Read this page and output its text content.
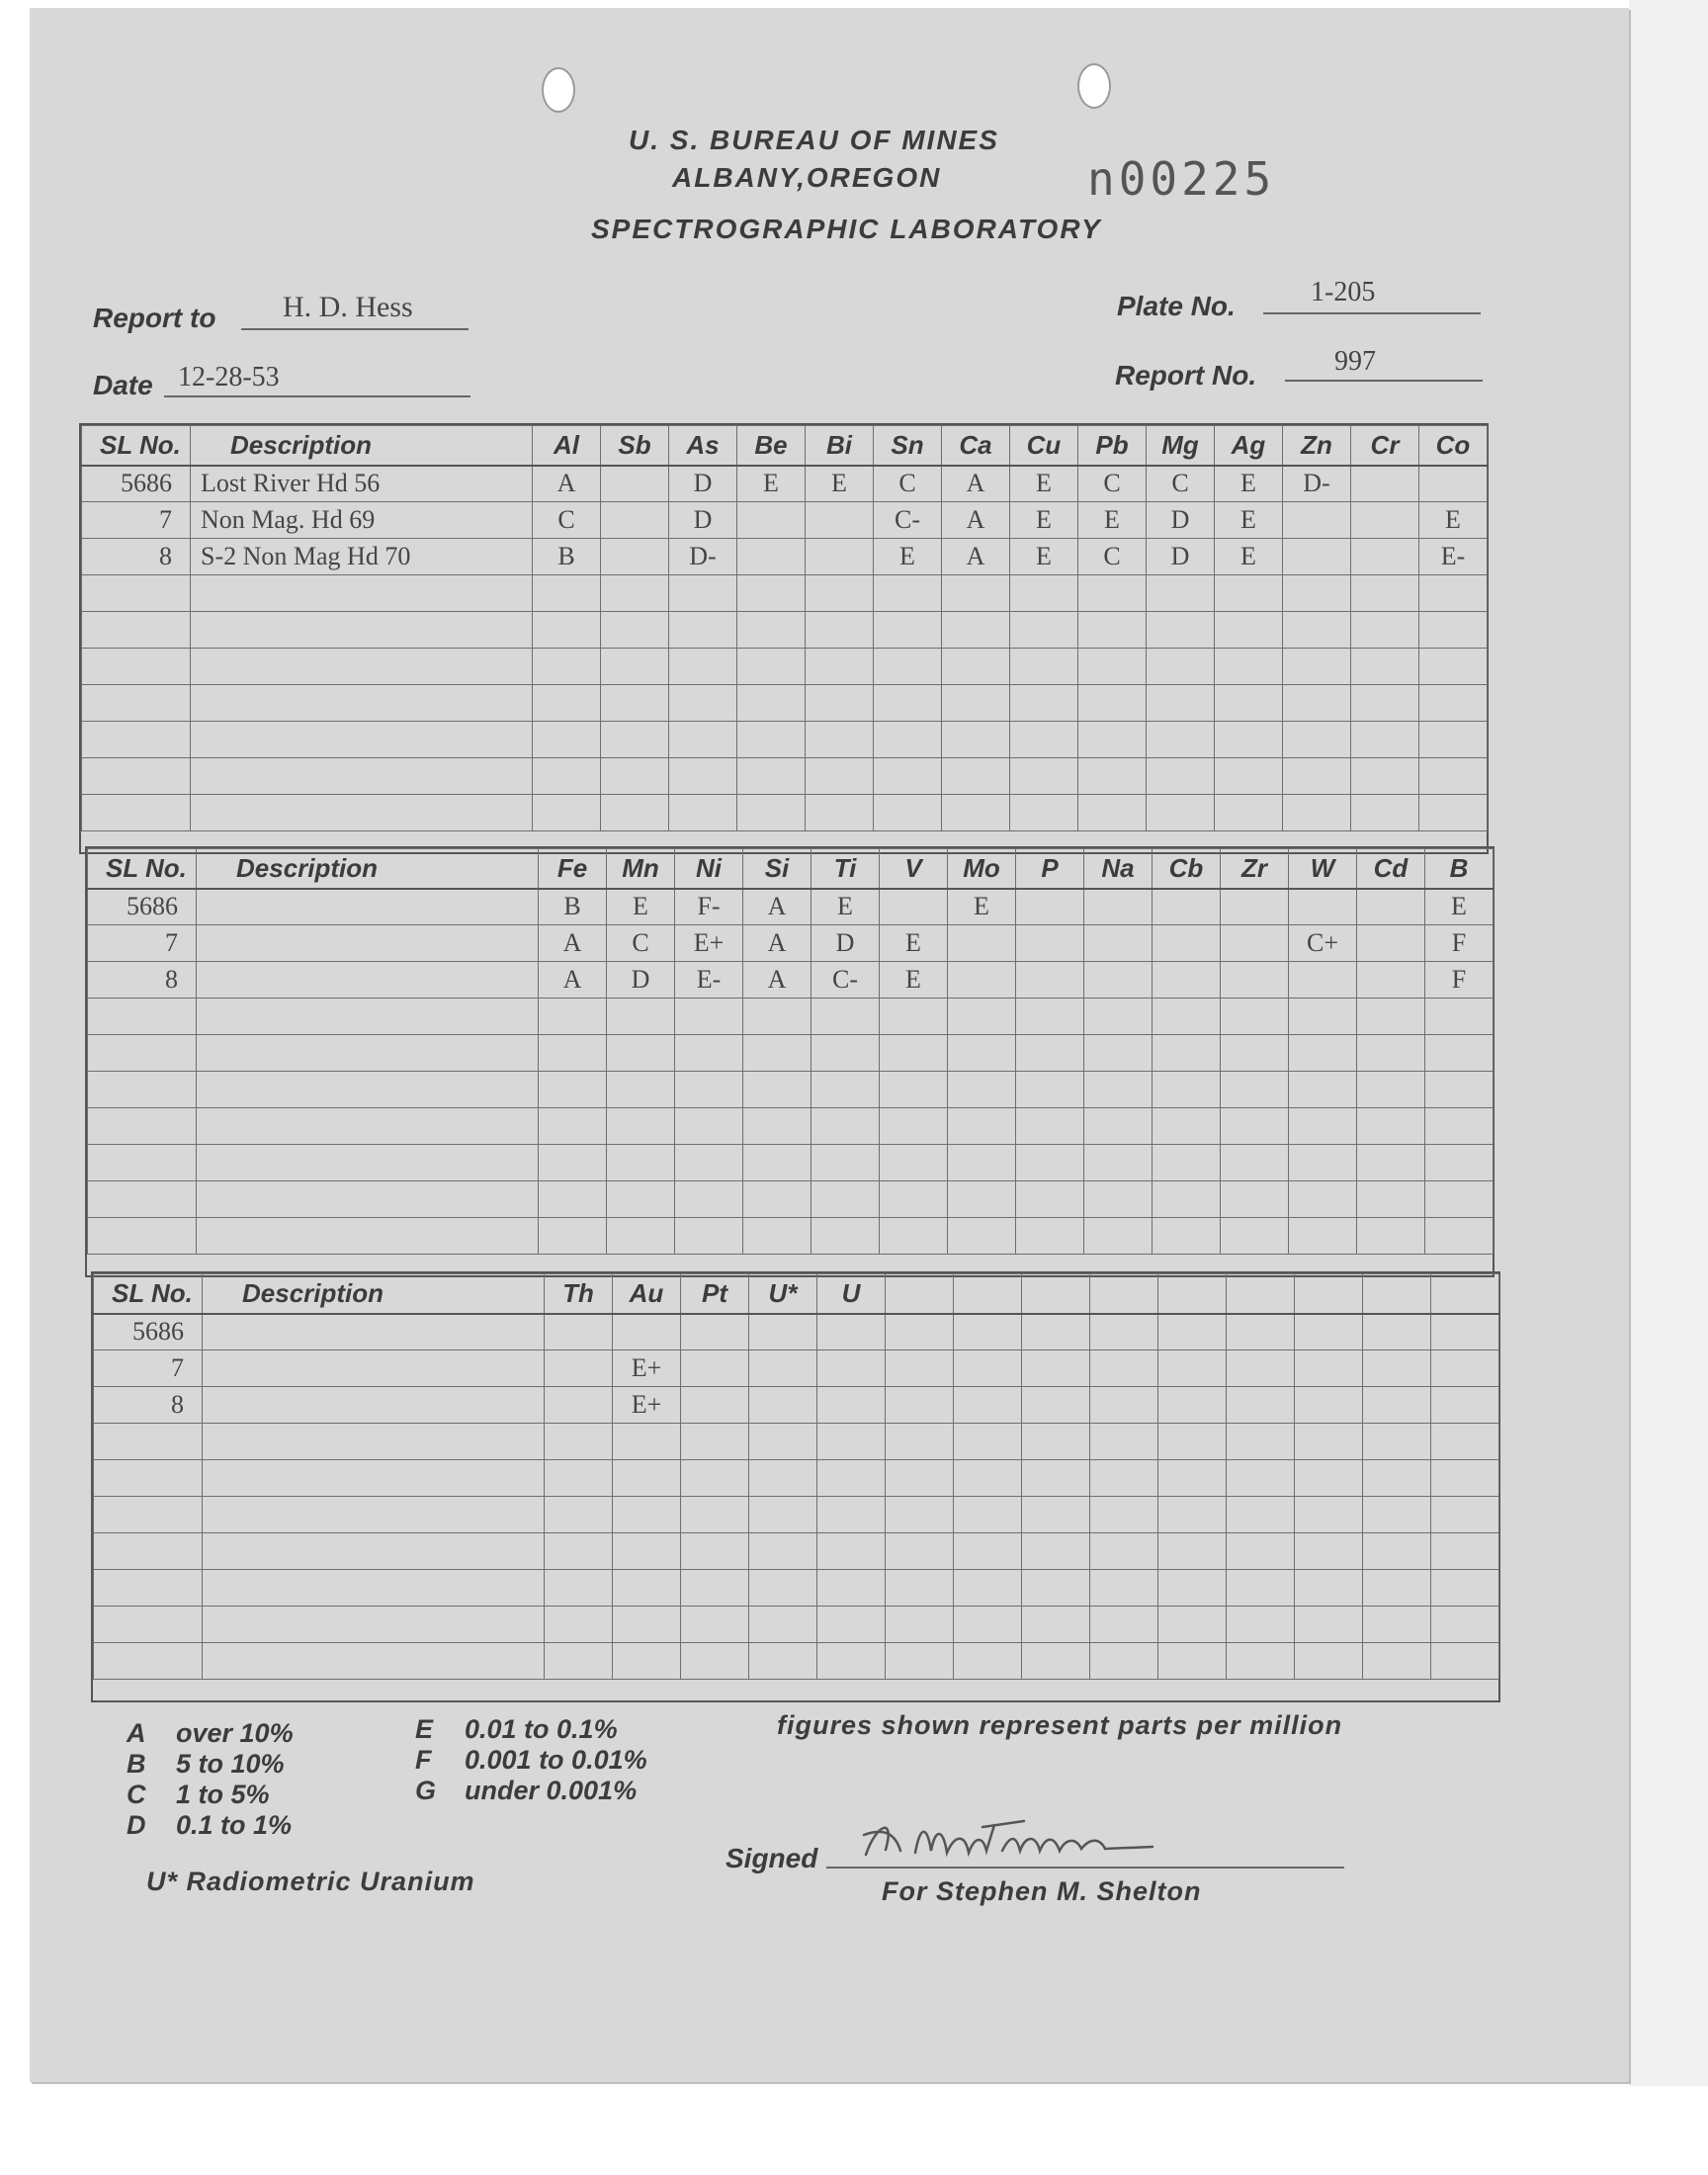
U. S. BUREAU OF MINES
ALBANY,OREGON
SPECTROGRAPHIC LABORATORY
n00225
Report to H. D. Hess
Date 12-28-53
Plate No.	1-205
Report No.	997
SL No.	Description	Al	Sb	As	Be	Bi	Sn	Ca	Cu	Pb	Mg	Ag	Zn	Cr	Co
5686	Lost River Hd 56	A		D	E	E	C	A	E	C	C	E	D-		
7	Non Mag. Hd 69	C		D			C-	A	E	E	D	E			E
8	S-2 Non Mag Hd 70	B		D-			E	A	E	C	D	E			E-

SL No.	Description	Fe	Mn	Ni	Si	Ti	V	Mo	P	Na	Cb	Zr	W	Cd	B
5686		B	E	F-	A	E		E							E
7		A	C	E+	A	D	E						C+		F
8		A	D	E-	A	C-	E								F

SL No.	Description	Th	Au	Pt	U*	U									
5686															
7			E+												
8			E+												

A over 10%
B 5 to 10%
C 1 to 5%
D 0.1 to 1%
E 0.01 to 0.1%
F 0.001 to 0.01%
G under 0.001%
figures shown represent parts per million
U* Radiometric Uranium
Signed
For Stephen M. Shelton
